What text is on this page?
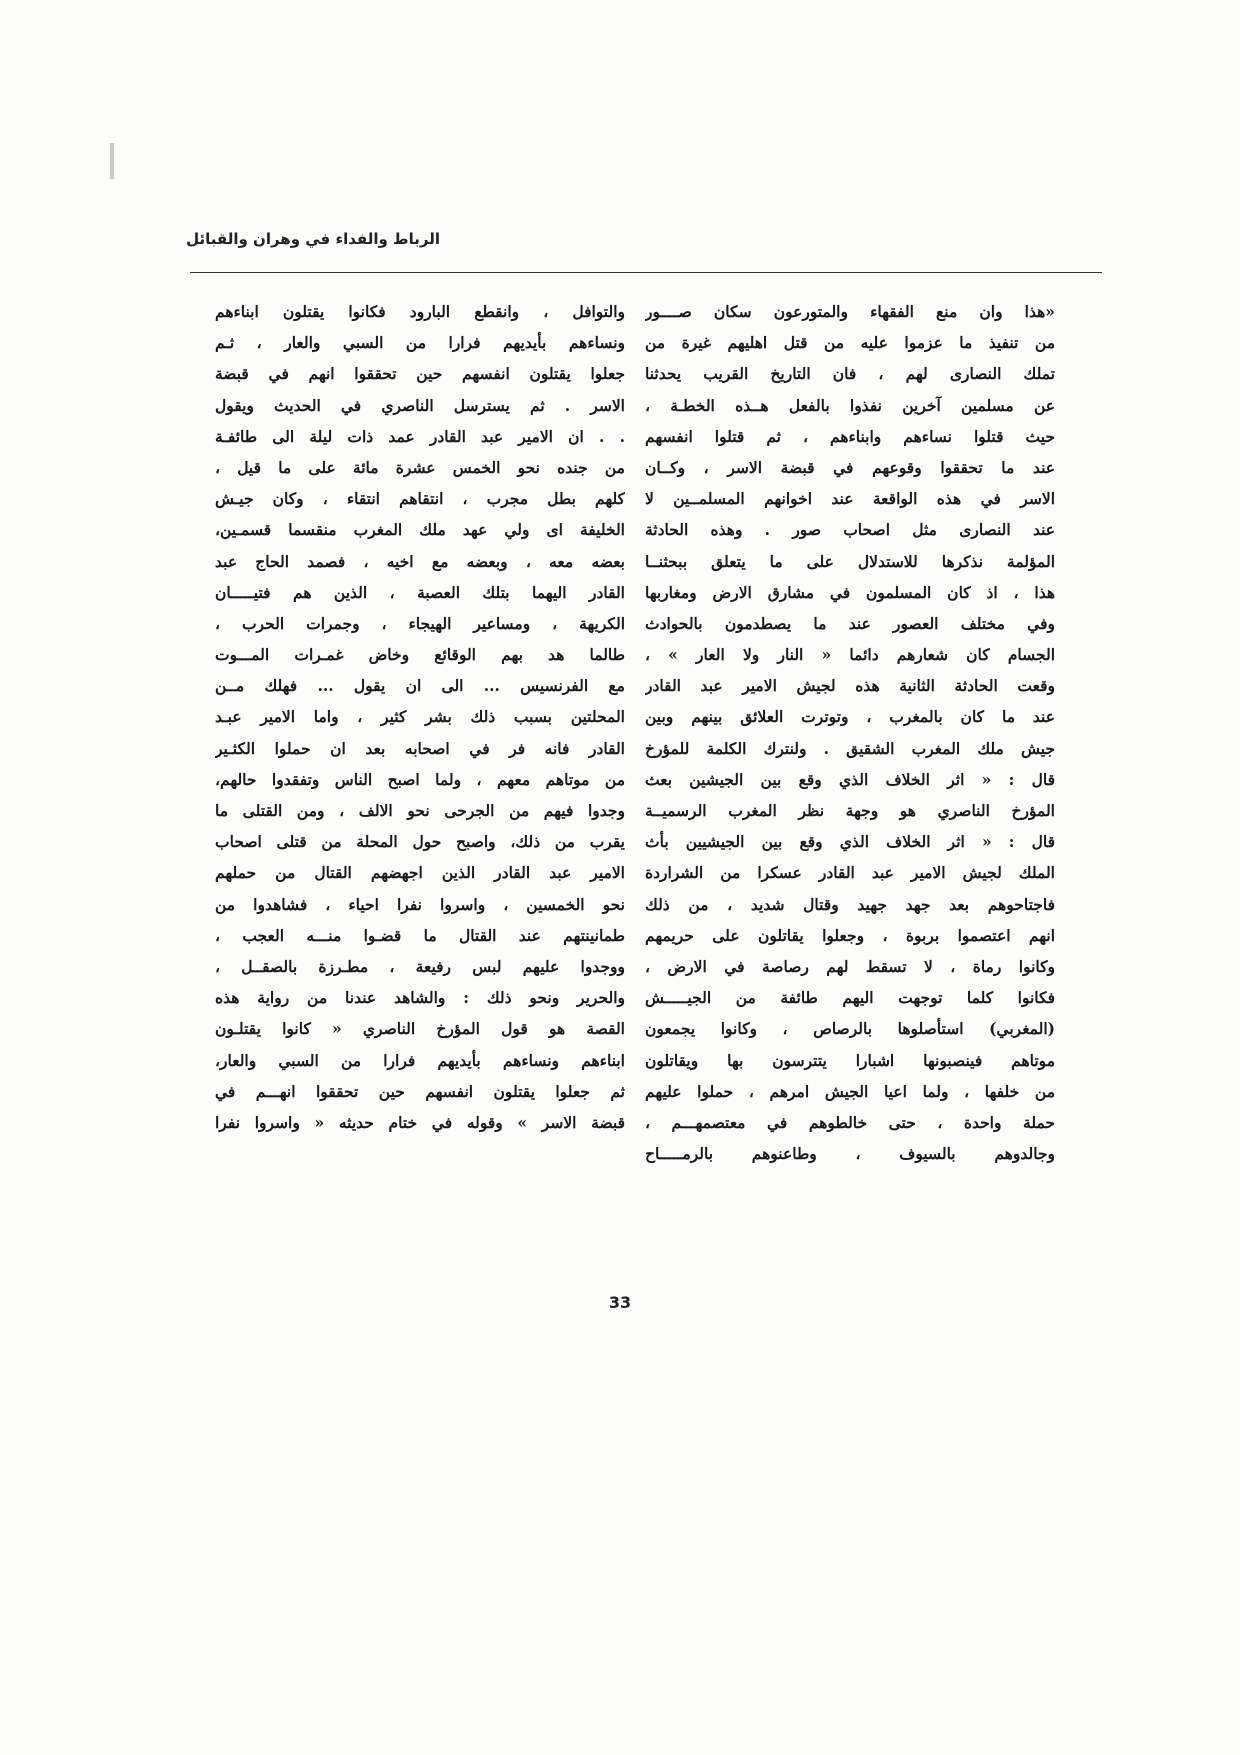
الرباط والفداء في وهران والقبائل
«هذا وان منع الفقهاء والمتورعون سكان صــــور
من تنفيذ ما عزموا عليه من قتل اهليهم غيرة من
تملك النصارى لهم ، فان التاريخ القريب يحدثنا
عن مسلمين آخرين نفذوا بالفعل هــذه الخطـة ،
حيث قتلوا نساءهم وابناءهم ، ثم قتلوا انفسهم
عند ما تحققوا وقوعهم في قبضة الاسر ، وكــان
الاسر في هذه الواقعة عند اخوانهم المسلمــين لا
عند النصارى مثل اصحاب صور . وهذه الحادثة
المؤلمة نذكرها للاستدلال على ما يتعلق ببحثنــا
هذا ، اذ كان المسلمون في مشارق الارض ومغاربها
وفي مختلف العصور عند ما يصطدمون بالحوادث
الجسام كان شعارهم دائما « النار ولا العار » ،
وقعت الحادثة الثانية هذه لجيش الامير عبد القادر
عند ما كان بالمغرب ، وتوترت العلائق بينهم وبين
جيش ملك المغرب الشقيق . ولنترك الكلمة للمؤرخ
قال : « اثر الخلاف الذي وقع بين الجيشين بعث
المؤرخ الناصري هو وجهة نظر المغرب الرسميــة
قال : « اثر الخلاف الذي وقع بين الجيشيين بأث
الملك لجيش الامير عبد القادر عسكرا من الشراردة
فاجتاحوهم بعد جهد جهيد وقتال شديد ، من ذلك
انهم اعتصموا بربوة ، وجعلوا يقاتلون على حريمهم
وكانوا رماة ، لا تسقط لهم رصاصة في الارض ،
فكانوا كلما توجهت اليهم طائفة من الجيـــــش
(المغربي) استأصلوها بالرصاص ، وكانوا يجمعون
موتاهم فينصبونها اشبارا يتترسون بها ويقاتلون
من خلفها ، ولما اعيا الجيش امرهم ، حملوا عليهم
حملة واحدة ، حتى خالطوهم في معتصمهـــم ،
وجالدوهم بالسيوف ، وطاعنوهم بالرمـــــاح
والتوافل ، وانقطع البارود فكانوا يقتلون ابناءهم
ونساءهم بأيديهم فرارا من السبي والعار ، ثـم
جعلوا يقتلون انفسهم حين تحققوا انهم في قبضة
الاسر . ثم يسترسل الناصري في الحديث ويقول
. . ان الامير عبد القادر عمد ذات ليلة الى طائفـة
من جنده نحو الخمس عشرة مائة على ما قيل ،
كلهم بطل مجرب ، انتقاهم انتقاء ، وكان جيـش
الخليفة اى ولي عهد ملك المغرب منقسما قسمـين،
بعضه معه ، وبعضه مع اخيه ، فصمد الحاج عبد
القادر اليهما بتلك العصبة ، الذين هم فتيـــــان
الكريهة ، ومساعير الهيجاء ، وجمرات الحرب ،
طالما هد بهم الوقائع وخاض غمـرات المـــوت
مع الفرنسيس ... الى ان يقول ... فهلك مــن
المحلتين بسبب ذلك بشر كثير ، واما الامير عبـد
القادر فانه فر في اصحابه بعد ان حملوا الكثـير
من موتاهم معهم ، ولما اصبح الناس وتفقدوا حالهم،
وجدوا فيهم من الجرحى نحو الالف ، ومن القتلى ما
يقرب من ذلك، واصبح حول المحلة من قتلى اصحاب
الامير عبد القادر الذين اجهضهم القتال من حملهم
نحو الخمسين ، واسروا نفرا احياء ، فشاهدوا من
طمانينتهم عند القتال ما قضـوا منـــه العجب ،
ووجدوا عليهم لبس رفيعة ، مطـرزة بالصقــل ،
والحرير ونحو ذلك : والشاهد عندنا من رواية هذه
القصة هو قول المؤرخ الناصري « كانوا يقتلـون
ابناءهم ونساءهم بأيديهم فرارا من السبي والعار،
ثم جعلوا يقتلون انفسهم حين تحققوا انهـــم في
قبضة الاسر » وقوله في ختام حديثه « واسروا نفرا
33
